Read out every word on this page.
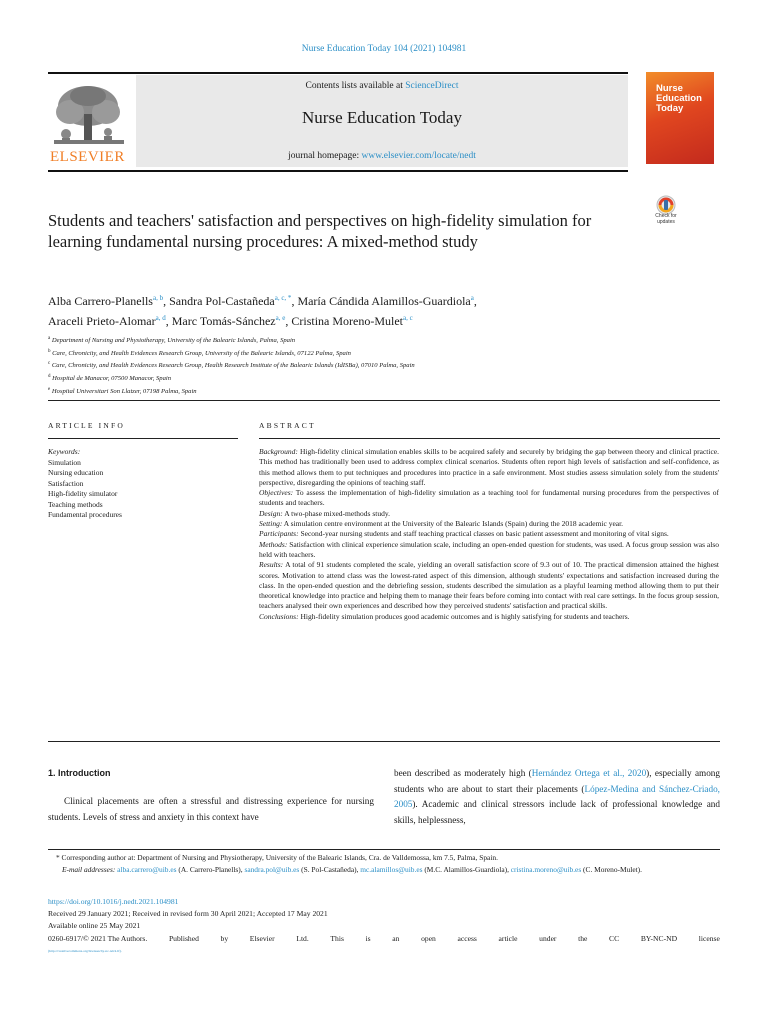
Nurse Education Today 104 (2021) 104981
ELSEVIER
Contents lists available at ScienceDirect
Nurse Education Today
journal homepage: www.elsevier.com/locate/nedt
Nurse
Education
Today
Students and teachers' satisfaction and perspectives on high-fidelity simulation for learning fundamental nursing procedures: A mixed-method study
Check for
updates
Alba Carrero-Planells$^{a, b}$, Sandra Pol-Castañeda$^{a, c, *}$, María Cándida Alamillos-Guardiola$^a$,
Araceli Prieto-Alomar$^{a, d}$, Marc Tomás-Sánchez$^{a, e}$, Cristina Moreno-Mulet$^{a, c}$
$^a$ Department of Nursing and Physiotherapy, University of the Balearic Islands, Palma, Spain
$^b$ Care, Chronicity, and Health Evidences Research Group, University of the Balearic Islands, 07122 Palma, Spain
$^c$ Care, Chronicity, and Health Evidences Research Group, Health Research Institute of the Balearic Islands (IdISBa), 07010 Palma, Spain
$^d$ Hospital de Manacor, 07500 Manacor, Spain
$^e$ Hospital Universitari Son Llatzer, 07198 Palma, Spain
ARTICLE INFO	ABSTRACT
Keywords:
Simulation
Nursing education
Satisfaction
High-fidelity simulator
Teaching methods
Fundamental procedures

Background: High-fidelity clinical simulation enables skills to be acquired safely and securely by bridging the gap between theory and clinical practice. This method has traditionally been used to address complex clinical scenarios. Students often report high levels of satisfaction and self-confidence, as this method allows them to put techniques and procedures into practice in a safe environment. Most studies assess simulation solely from the students' perspective, disregarding the opinions of teaching staff.

Objectives: To assess the implementation of high-fidelity simulation as a teaching tool for fundamental nursing procedures from the perspectives of students and teachers.

Design: A two-phase mixed-methods study.

Setting: A simulation centre environment at the University of the Balearic Islands (Spain) during the 2018 academic year.

Participants: Second-year nursing students and staff teaching practical classes on basic patient assessment and monitoring of vital signs.

Methods: Satisfaction with clinical experience simulation scale, including an open-ended question for students, was used. A focus group session was also held with teachers.

Results: A total of 91 students completed the scale, yielding an overall satisfaction score of 9.3 out of 10. The practical dimension attained the highest scores. Motivation to attend class was the lowest-rated aspect of this dimension, although students' expectations and satisfaction increased during the class. In the open-ended question and the debriefing session, students described the simulation as a playful learning method allowing them to put their theoretical knowledge into practice and helping them to manage their fears before coming into contact with real care settings. In the focus group session, teachers analysed their own experiences and described how they perceived students' satisfaction and practical skills.

Conclusions: High-fidelity simulation produces good academic outcomes and is highly satisfying for students and teachers.

1. Introduction
Clinical placements are often a stressful and distressing experience for nursing students. Levels of stress and anxiety in this context have
been described as moderately high (Hernández Ortega et al., 2020), especially among students who are about to start their placements (López-Medina and Sánchez-Criado, 2005). Academic and clinical stressors include lack of professional knowledge and skills, helplessness,
* Corresponding author at: Department of Nursing and Physiotherapy, University of the Balearic Islands, Cra. de Valldemossa, km 7.5, Palma, Spain.
E-mail addresses: alba.carrero@uib.es (A. Carrero-Planells), sandra.pol@uib.es (S. Pol-Castañeda), mc.alamillos@uib.es (M.C. Alamillos-Guardiola), cristina.moreno@uib.es (C. Moreno-Mulet).
https://doi.org/10.1016/j.nedt.2021.104981
Received 29 January 2021; Received in revised form 30 April 2021; Accepted 17 May 2021
Available online 25 May 2021
0260-6917/© 2021 The Authors.	Published	by	Elsevier	Ltd.	This	is	an	open	access	article	under	the	CC	BY-NC-ND	license
(http://creativecommons.org/licenses/by-nc-nd/4.0/).
